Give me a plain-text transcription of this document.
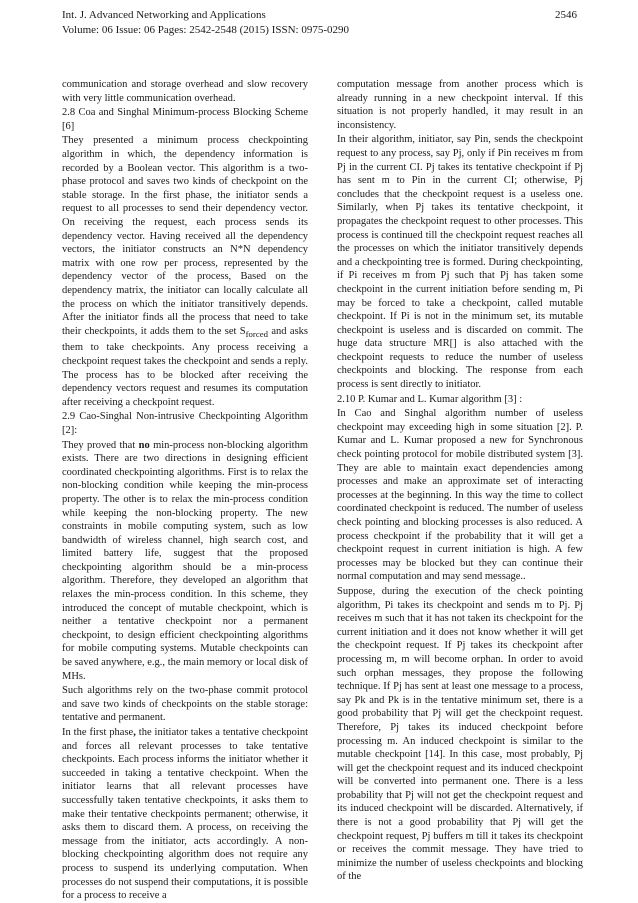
Int. J. Advanced Networking and Applications
Volume: 06 Issue: 06 Pages: 2542-2548 (2015) ISSN: 0975-0290
2546

communication and storage overhead and slow recovery with very little communication overhead.

2.8 Coa and Singhal Minimum-process Blocking Scheme [6]

They presented a minimum process checkpointing algorithm in which, the dependency information is recorded by a Boolean vector. This algorithm is a two-phase protocol and saves two kinds of checkpoint on the stable storage. In the first phase, the initiator sends a request to all processes to send their dependency vector. On receiving the request, each process sends its dependency vector. Having received all the dependency vectors, the initiator constructs an N*N dependency matrix with one row per process, represented by the dependency vector of the process, Based on the dependency matrix, the initiator can locally calculate all the process on which the initiator transitively depends. After the initiator finds all the process that need to take their checkpoints, it adds them to the set $S_{forced}$ and asks them to take checkpoints. Any process receiving a checkpoint request takes the checkpoint and sends a reply. The process has to be blocked after receiving the dependency vectors request and resumes its computation after receiving a checkpoint request.

2.9 Cao-Singhal Non-intrusive Checkpointing Algorithm [2]:

They proved that no min-process non-blocking algorithm exists. There are two directions in designing efficient coordinated checkpointing algorithms. First is to relax the non-blocking condition while keeping the min-process property. The other is to relax the min-process condition while keeping the non-blocking property. The new constraints in mobile computing system, such as low bandwidth of wireless channel, high search cost, and limited battery life, suggest that the proposed checkpointing algorithm should be a min-process algorithm. Therefore, they developed an algorithm that relaxes the min-process condition. In this scheme, they introduced the concept of mutable checkpoint, which is neither a tentative checkpoint nor a permanent checkpoint, to design efficient checkpointing algorithms for mobile computing systems. Mutable checkpoints can be saved anywhere, e.g., the main memory or local disk of MHs.

Such algorithms rely on the two-phase commit protocol and save two kinds of checkpoints on the stable storage: tentative and permanent.

In the first phase, the initiator takes a tentative checkpoint and forces all relevant processes to take tentative checkpoints. Each process informs the initiator whether it succeeded in taking a tentative checkpoint. When the initiator learns that all relevant processes have successfully taken tentative checkpoints, it asks them to make their tentative checkpoints permanent; otherwise, it asks them to discard them. A process, on receiving the message from the initiator, acts accordingly. A non-blocking checkpointing algorithm does not require any process to suspend its underlying computation. When processes do not suspend their computations, it is possible for a process to receive a

computation message from another process which is already running in a new checkpoint interval. If this situation is not properly handled, it may result in an inconsistency.

In their algorithm, initiator, say Pin, sends the checkpoint request to any process, say Pj, only if Pin receives m from Pj in the current CI. Pj takes its tentative checkpoint if Pj has sent m to Pin in the current CI; otherwise, Pj concludes that the checkpoint request is a useless one. Similarly, when Pj takes its tentative checkpoint, it propagates the checkpoint request to other processes. This process is continued till the checkpoint request reaches all the processes on which the initiator transitively depends and a checkpointing tree is formed. During checkpointing, if Pi receives m from Pj such that Pj has taken some checkpoint in the current initiation before sending m, Pi may be forced to take a checkpoint, called mutable checkpoint. If Pi is not in the minimum set, its mutable checkpoint is useless and is discarded on commit. The huge data structure MR[] is also attached with the checkpoint requests to reduce the number of useless checkpoints and blocking. The response from each process is sent directly to initiator.

2.10 P. Kumar and L. Kumar algorithm [3] :

In Cao and Singhal algorithm number of useless checkpoint may exceeding high in some situation [2]. P. Kumar and L. Kumar proposed a new for Synchronous check pointing protocol for mobile distributed system [3]. They are able to maintain exact dependencies among processes and make an approximate set of interacting processes at the beginning. In this way the time to collect coordinated checkpoint is reduced. The number of useless check pointing and blocking processes is also reduced. A process checkpoint if the probability that it will get a checkpoint request in current initiation is high. A few processes may be blocked but they can continue their normal computation and may send message..

Suppose, during the execution of the check pointing algorithm, Pi takes its checkpoint and sends m to Pj. Pj receives m such that it has not taken its checkpoint for the current initiation and it does not know whether it will get the checkpoint request. If Pj takes its checkpoint after processing m, m will become orphan. In order to avoid such orphan messages, they propose the following technique. If Pj has sent at least one message to a process, say Pk and Pk is in the tentative minimum set, there is a good probability that Pj will get the checkpoint request. Therefore, Pj takes its induced checkpoint before processing m. An induced checkpoint is similar to the mutable checkpoint [14]. In this case, most probably, Pj will get the checkpoint request and its induced checkpoint will be converted into permanent one. There is a less probability that Pj will not get the checkpoint request and its induced checkpoint will be discarded. Alternatively, if there is not a good probability that Pj will get the checkpoint request, Pj buffers m till it takes its checkpoint or receives the commit message. They have tried to minimize the number of useless checkpoints and blocking of the
